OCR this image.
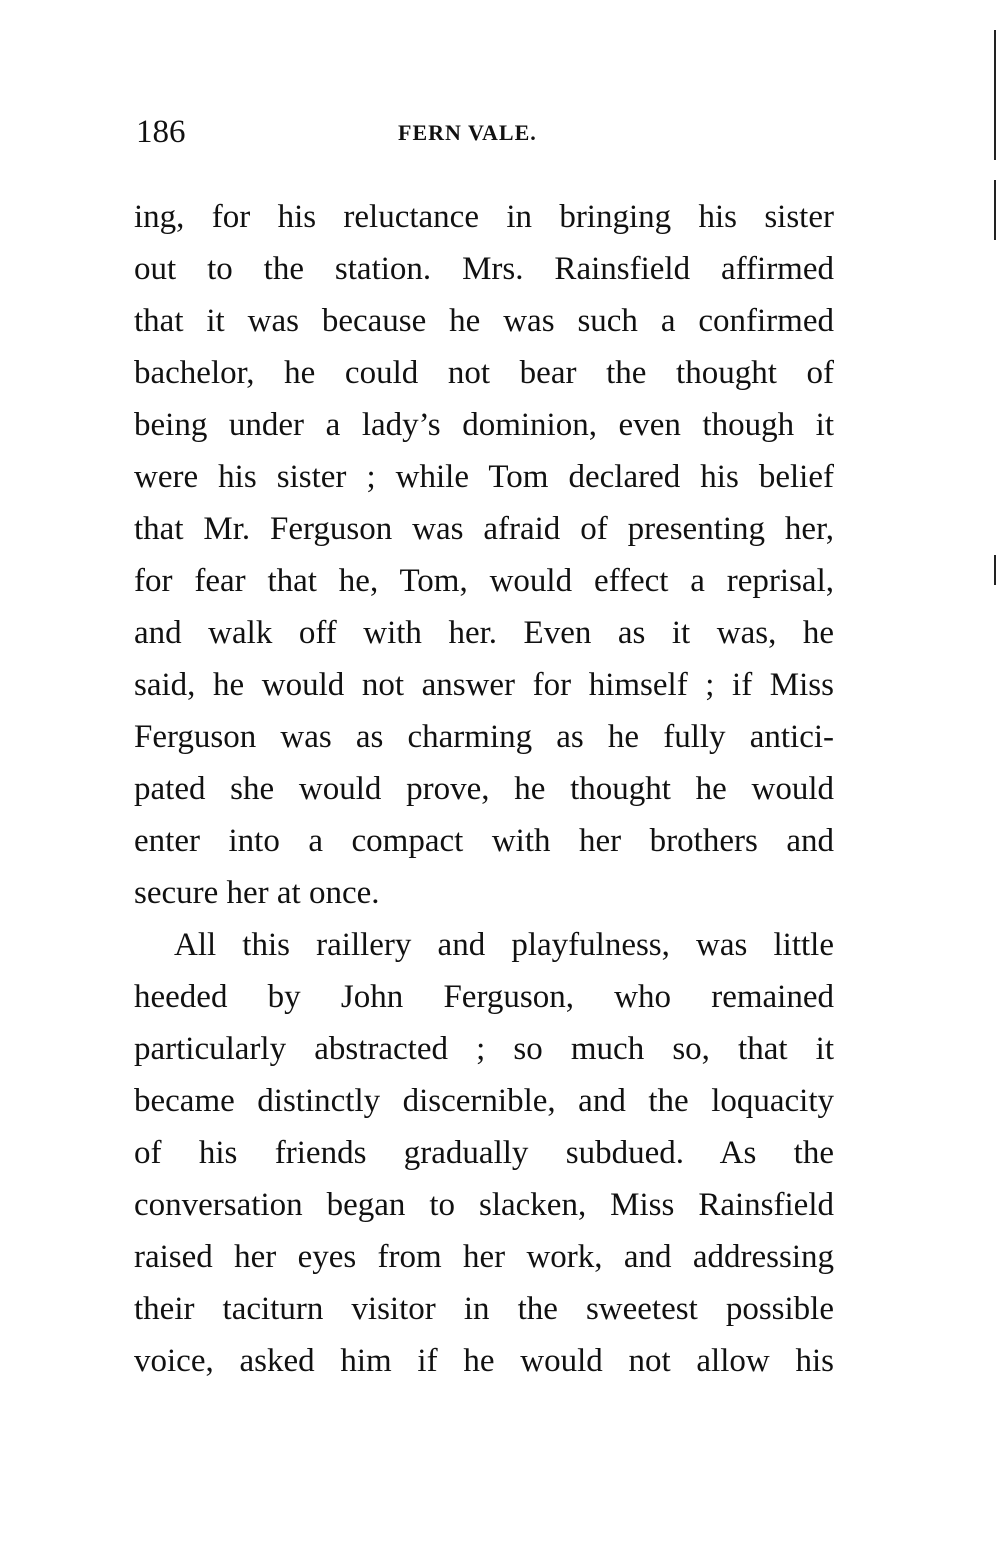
186	FERN VALE.
ing, for his reluctance in bringing his sister
out to the station. Mrs. Rainsfield affirmed
that it was because he was such a confirmed
bachelor, he could not bear the thought of
being under a lady’s dominion, even though it
were his sister ; while Tom declared his belief
that Mr. Ferguson was afraid of presenting her,
for fear that he, Tom, would effect a reprisal,
and walk off with her. Even as it was, he
said, he would not answer for himself ; if Miss
Ferguson was as charming as he fully antici-
pated she would prove, he thought he would
enter into a compact with her brothers and
secure her at once.
All this raillery and playfulness, was little
heeded by John Ferguson, who remained
particularly abstracted ; so much so, that it
became distinctly discernible, and the loquacity
of his friends gradually subdued. As the
conversation began to slacken, Miss Rainsfield
raised her eyes from her work, and addressing
their taciturn visitor in the sweetest possible
voice, asked him if he would not allow his
